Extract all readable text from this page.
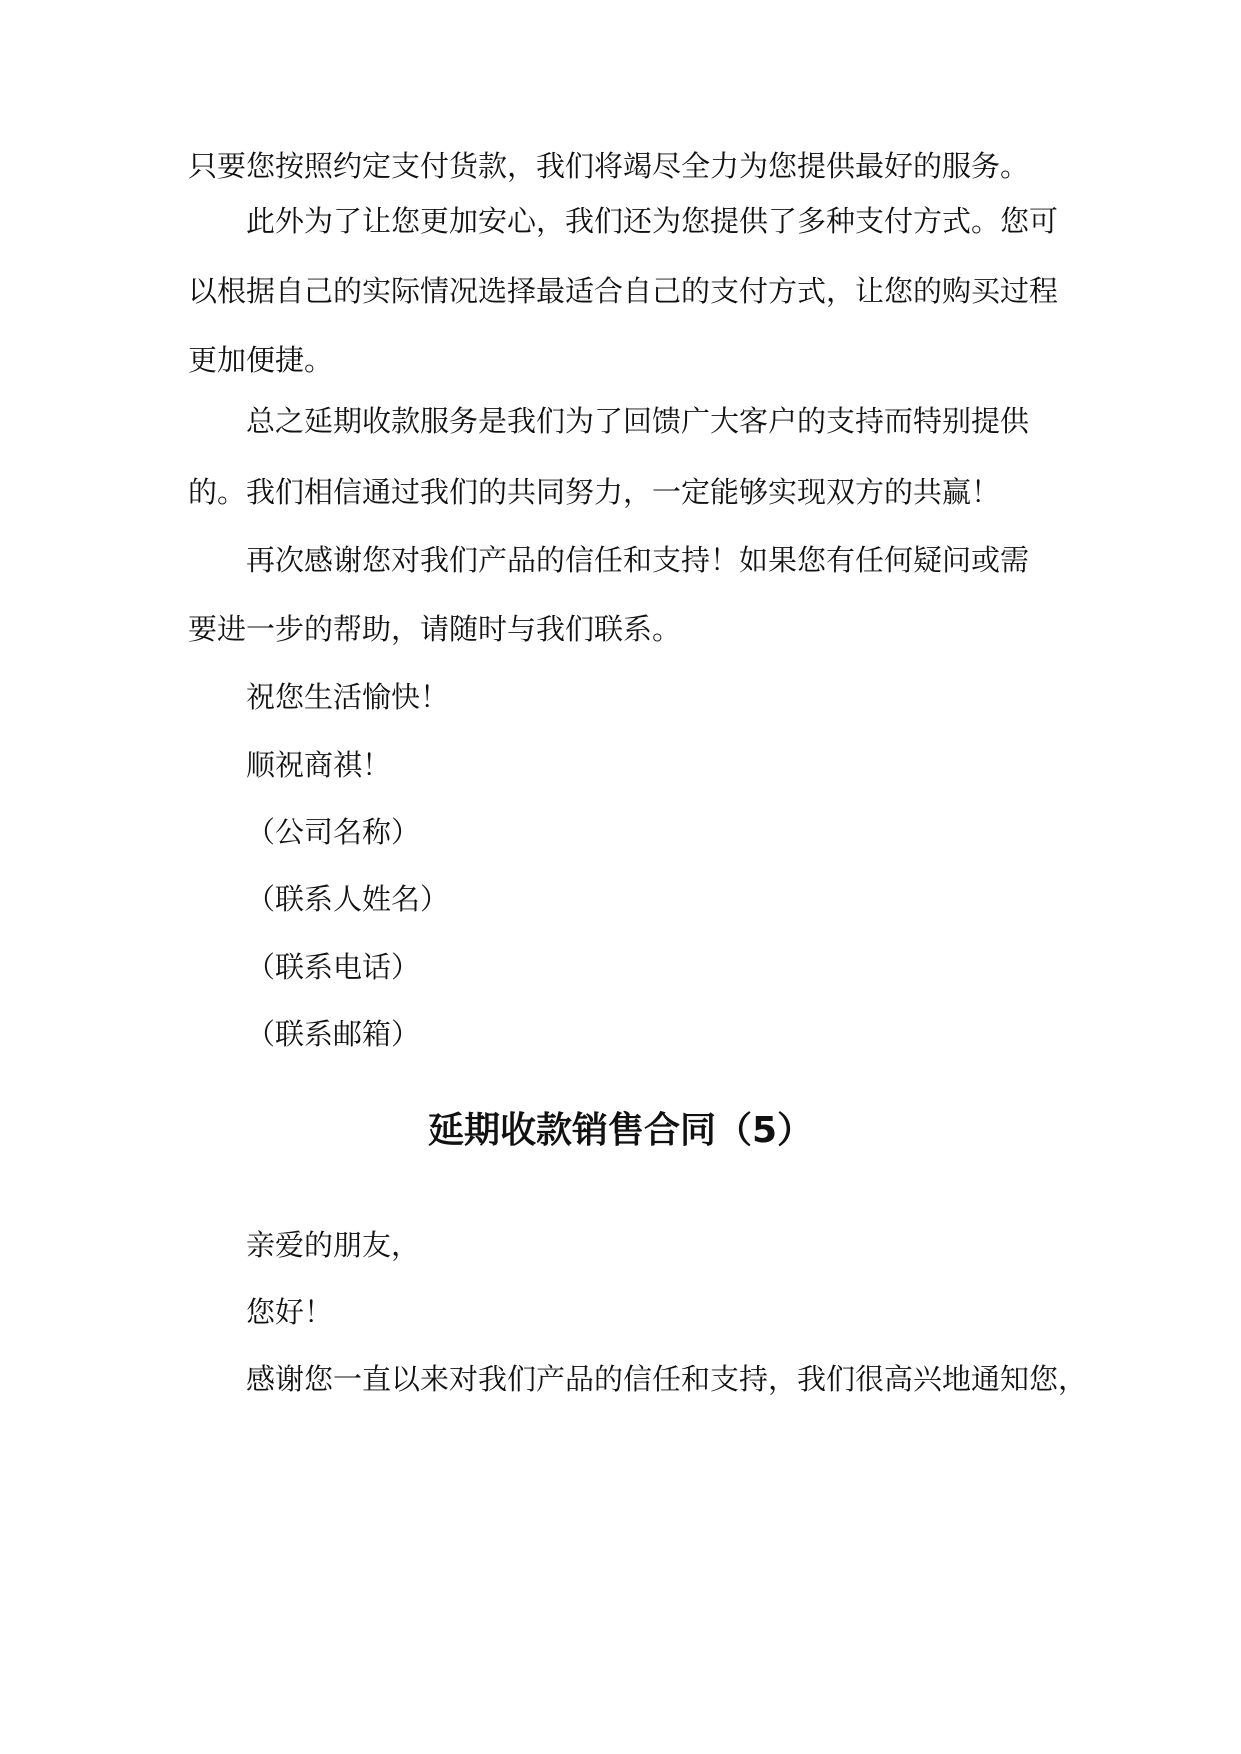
只要您按照约定支付货款，我们将竭尽全力为您提供最好的服务。
此外为了让您更加安心，我们还为您提供了多种支付方式。您可
以根据自己的实际情况选择最适合自己的支付方式，让您的购买过程
更加便捷。
总之延期收款服务是我们为了回馈广大客户的支持而特别提供
的。我们相信通过我们的共同努力，一定能够实现双方的共赢！
再次感谢您对我们产品的信任和支持！如果您有任何疑问或需
要进一步的帮助，请随时与我们联系。
祝您生活愉快！
顺祝商祺！
（公司名称）
（联系人姓名）
（联系电话）
（联系邮箱）
延期收款销售合同（5）
亲爱的朋友，
您好！
感谢您一直以来对我们产品的信任和支持，我们很高兴地通知您，
